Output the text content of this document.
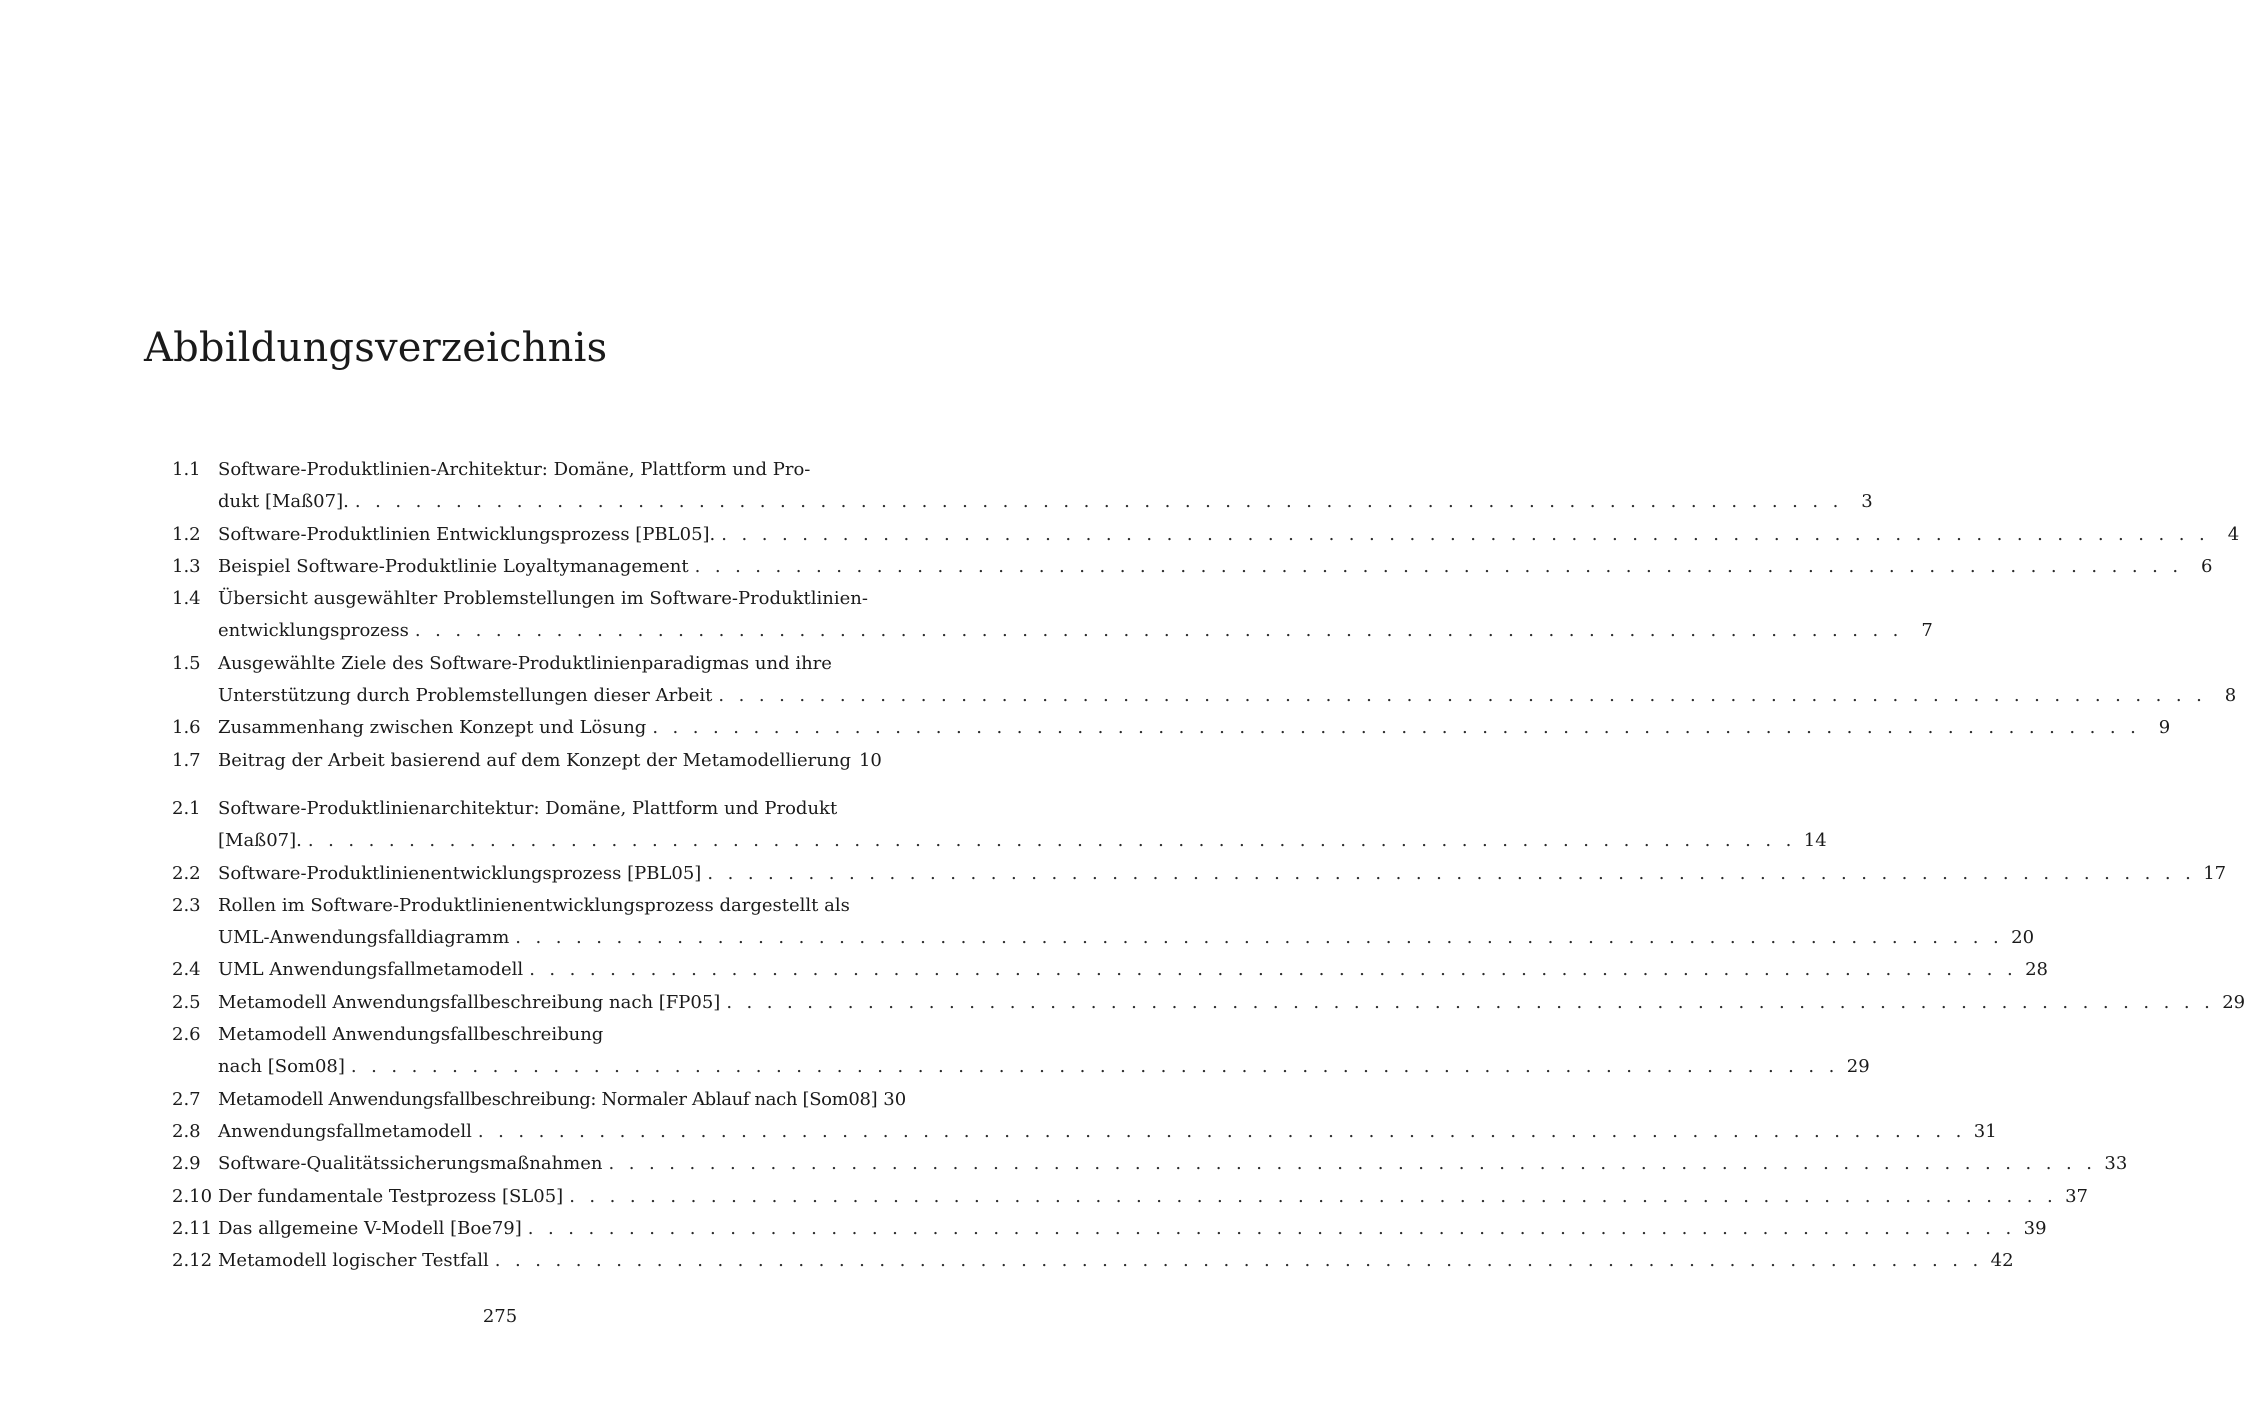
Abbildungsverzeichnis
1.1 Software-Produktlinien-Architektur: Domäne, Plattform und Pro-
dukt [Maß07]. . . .	3
1.2 Software-Produktlinien Entwicklungsprozess [PBL05]. . . .	4
1.3 Beispiel Software-Produktlinie Loyaltymanagement . . .	6
1.4 Übersicht ausgewählter Problemstellungen im Software-Produktlinien-
entwicklungsprozess . . .	7
1.5 Ausgewählte Ziele des Software-Produktlinienparadigmas und ihre
Unterstützung durch Problemstellungen dieser Arbeit . . .	8
1.6 Zusammenhang zwischen Konzept und Lösung . . .	9
1.7 Beitrag der Arbeit basierend auf dem Konzept der Metamodellierung 10
2.1 Software-Produktlinienarchitektur: Domäne, Plattform und Produkt
[Maß07]. . . .	14
2.2 Software-Produktlinienentwicklungsprozess [PBL05] . . .	17
2.3 Rollen im Software-Produktlinienentwicklungsprozess dargestellt als
UML-Anwendungsfalldiagramm . . .	20
2.4 UML Anwendungsfallmetamodell . . .	28
2.5 Metamodell Anwendungsfallbeschreibung nach [FP05] . . .	29
2.6 Metamodell Anwendungsfallbeschreibung
nach [Som08] . . .	29
2.7 Metamodell Anwendungsfallbeschreibung: Normaler Ablauf nach [Som08] 30
2.8 Anwendungsfallmetamodell . . .	31
2.9 Software-Qualitätssicherungsmaßnahmen . . .	33
2.10 Der fundamentale Testprozess [SL05] . . .	37
2.11 Das allgemeine V-Modell [Boe79] . . .	39
2.12 Metamodell logischer Testfall . . .	42
275
